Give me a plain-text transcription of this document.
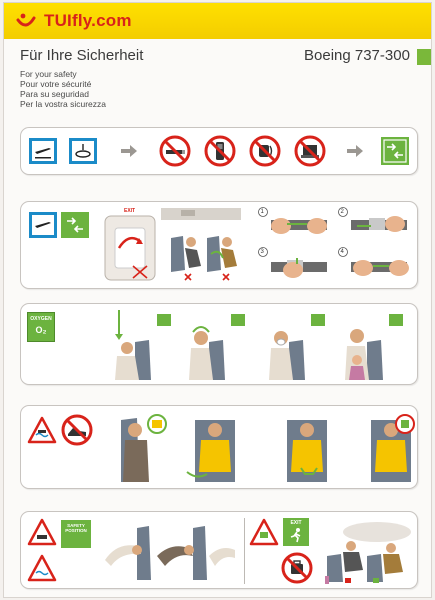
TUIfly.com
Für Ihre Sicherheit	Boeing 737-300
For your safety
Pour votre sécurité
Para su seguridad
Per la vostra sicurezza
EXIT	1	2
3	4
OXYGEN
O₂
SAFETY
POSITION
EXIT
